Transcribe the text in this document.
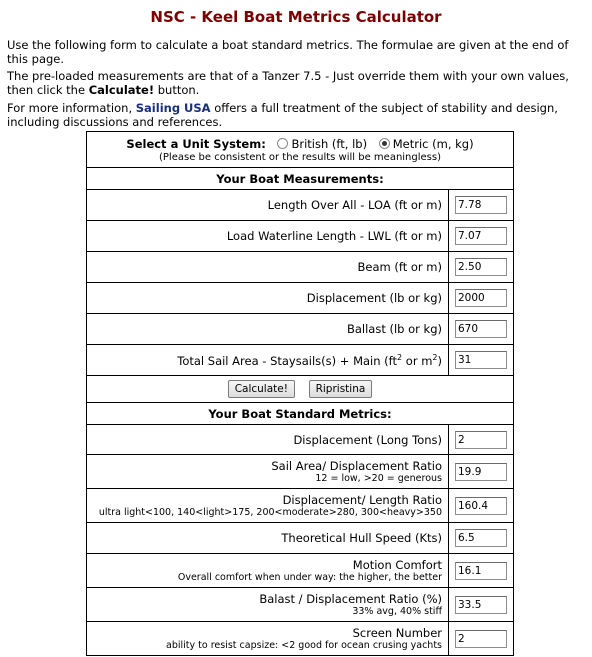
NSC - Keel Boat Metrics Calculator

Use the following form to calculate a boat standard metrics. The formulae are given at the end of this page.

The pre-loaded measurements are that of a Tanzer 7.5 - Just override them with your own values, then click the Calculate! button.

For more information, Sailing USA offers a full treatment of the subject of stability and design, including discussions and references.

Select a Unit System: British (ft, lb) Metric (m, kg)
(Please be consistent or the results will be meaningless)	

Your Boat Measurements:	
Length Over All - LOA (ft or m)	7.78
Load Waterline Length - LWL (ft or m)	7.07
Beam (ft or m)	2.50
Displacement (lb or kg)	2000
Ballast (lb or kg)	670
Total Sail Area - Staysails(s) + Main ($ft^2$ or $m^2$)	31
Calculate! Ripristina	
Your Boat Standard Metrics:	
Displacement (Long Tons)	2

Sail Area/ Displacement Ratio
12 = low, >20 = generous
	19.9

Displacement/ Length Ratio
ultra light<100, 140<light>175, 200<moderate>280, 300<heavy>350
	160.4
Theoretical Hull Speed (Kts)	6.5

Motion Comfort
Overall comfort when under way: the higher, the better
	16.1

Balast / Displacement Ratio (%)
33% avg, 40% stiff
	33.5

Screen Number
ability to resist capsize: <2 good for ocean crusing yachts
	2
